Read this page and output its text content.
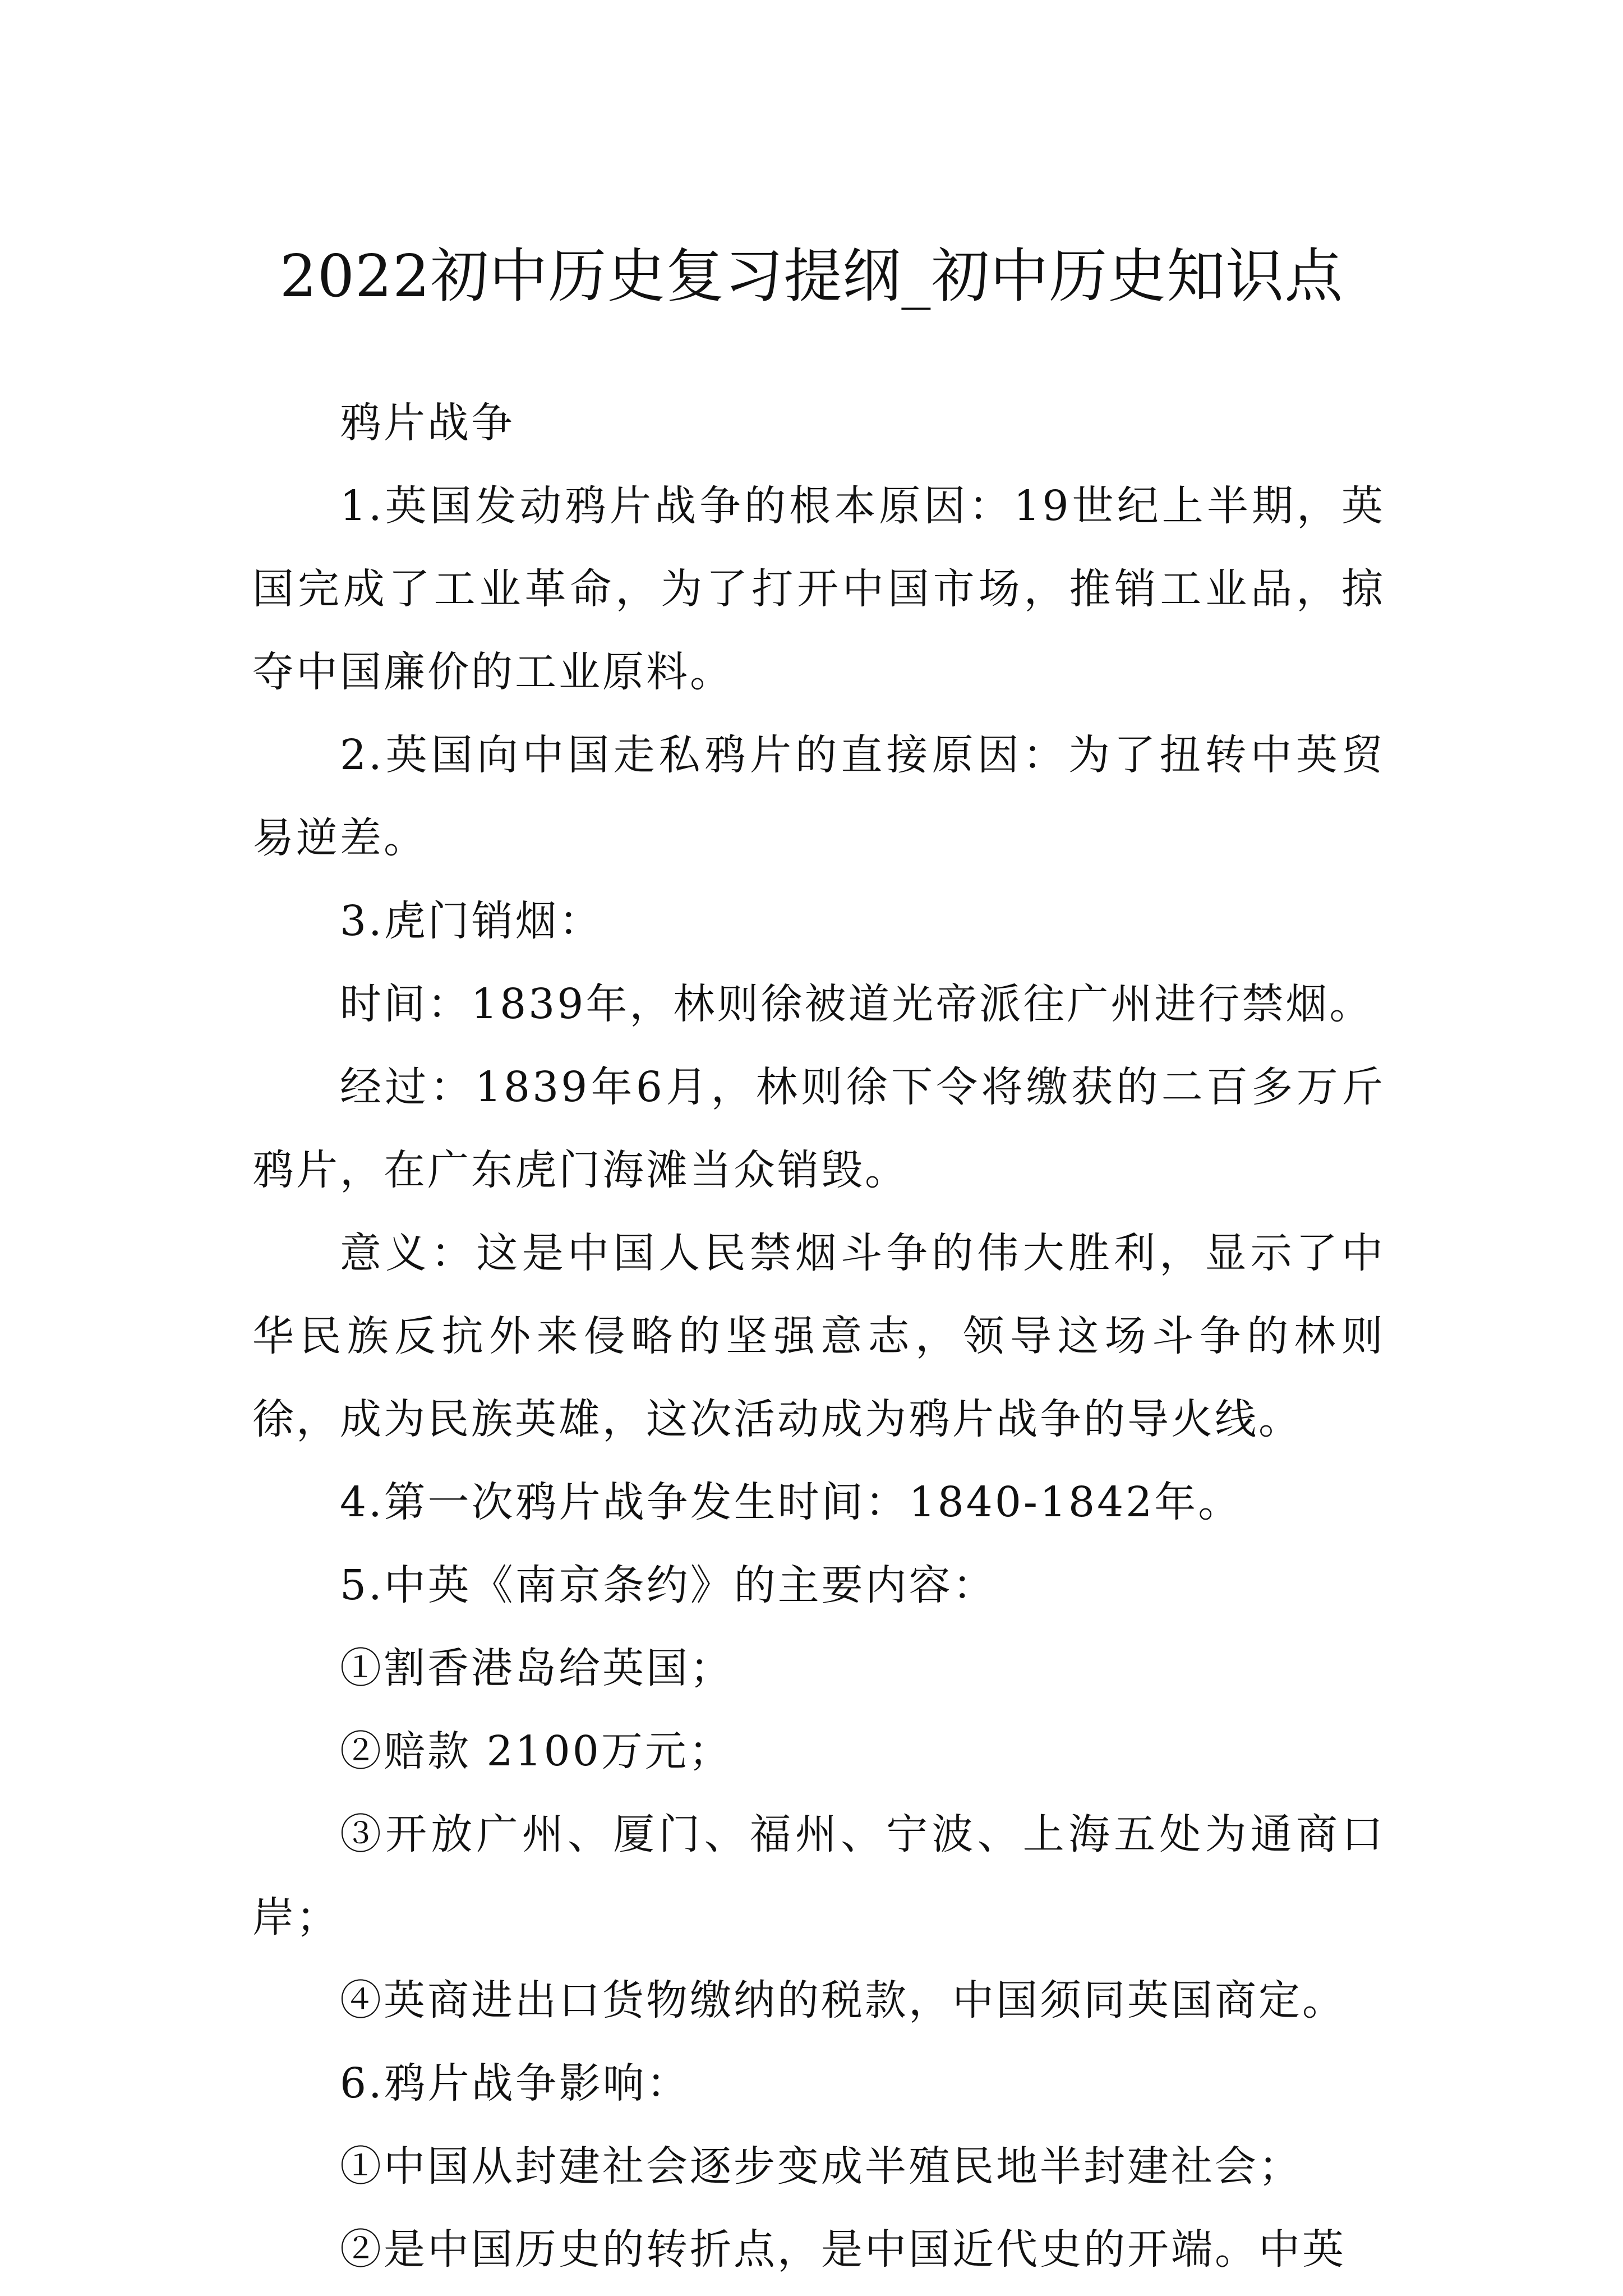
2022初中历史复习提纲_初中历史知识点

鸦片战争

1.英国发动鸦片战争的根本原因：19世纪上半期，英国完成了工业革命，为了打开中国市场，推销工业品，掠夺中国廉价的工业原料。

2.英国向中国走私鸦片的直接原因：为了扭转中英贸易逆差。

3.虎门销烟：

时间：1839年，林则徐被道光帝派往广州进行禁烟。

经过：1839年6月，林则徐下令将缴获的二百多万斤鸦片，在广东虎门海滩当众销毁。

意义：这是中国人民禁烟斗争的伟大胜利，显示了中华民族反抗外来侵略的坚强意志，领导这场斗争的林则徐，成为民族英雄，这次活动成为鸦片战争的导火线。

4.第一次鸦片战争发生时间：1840-1842年。

5.中英《南京条约》的主要内容：

①割香港岛给英国；

②赔款 2100万元；

③开放广州、厦门、福州、宁波、上海五处为通商口岸；

④英商进出口货物缴纳的税款，中国须同英国商定。

6.鸦片战争影响：

①中国从封建社会逐步变成半殖民地半封建社会；

②是中国历史的转折点，是中国近代史的开端。中英
